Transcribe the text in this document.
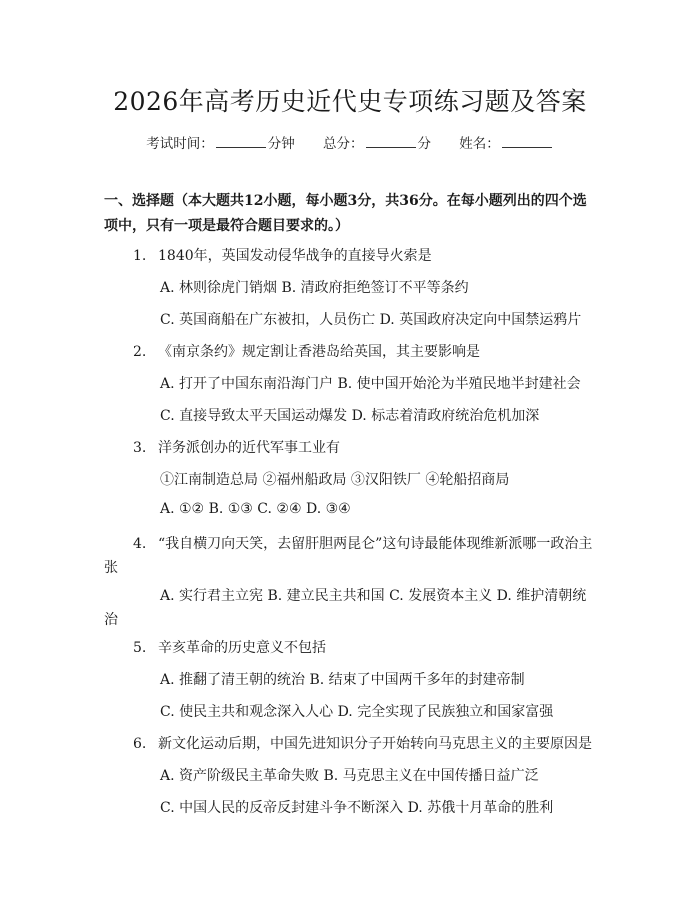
2026年高考历史近代史专项练习题及答案
考试时间：	分钟 总分：	分 姓名：
一、选择题（本大题共12小题，每小题3分，共36分。在每小题列出的四个选项中，只有一项是最符合题目要求的。）
1. 1840年，英国发动侵华战争的直接导火索是
A. 林则徐虎门销烟 B. 清政府拒绝签订不平等条约
C. 英国商船在广东被扣，人员伤亡 D. 英国政府决定向中国禁运鸦片
2. 《南京条约》规定割让香港岛给英国，其主要影响是
A. 打开了中国东南沿海门户 B. 使中国开始沦为半殖民地半封建社会
C. 直接导致太平天国运动爆发 D. 标志着清政府统治危机加深
3. 洋务派创办的近代军事工业有
①江南制造总局 ②福州船政局 ③汉阳铁厂 ④轮船招商局
A. ①② B. ①③ C. ②④ D. ③④
4. “我自横刀向天笑，去留肝胆两昆仑”这句诗最能体现维新派哪一政治主
张
A. 实行君主立宪 B. 建立民主共和国 C. 发展资本主义 D. 维护清朝统
治
5. 辛亥革命的历史意义不包括
A. 推翻了清王朝的统治 B. 结束了中国两千多年的封建帝制
C. 使民主共和观念深入人心 D. 完全实现了民族独立和国家富强
6. 新文化运动后期，中国先进知识分子开始转向马克思主义的主要原因是
A. 资产阶级民主革命失败 B. 马克思主义在中国传播日益广泛
C. 中国人民的反帝反封建斗争不断深入 D. 苏俄十月革命的胜利
